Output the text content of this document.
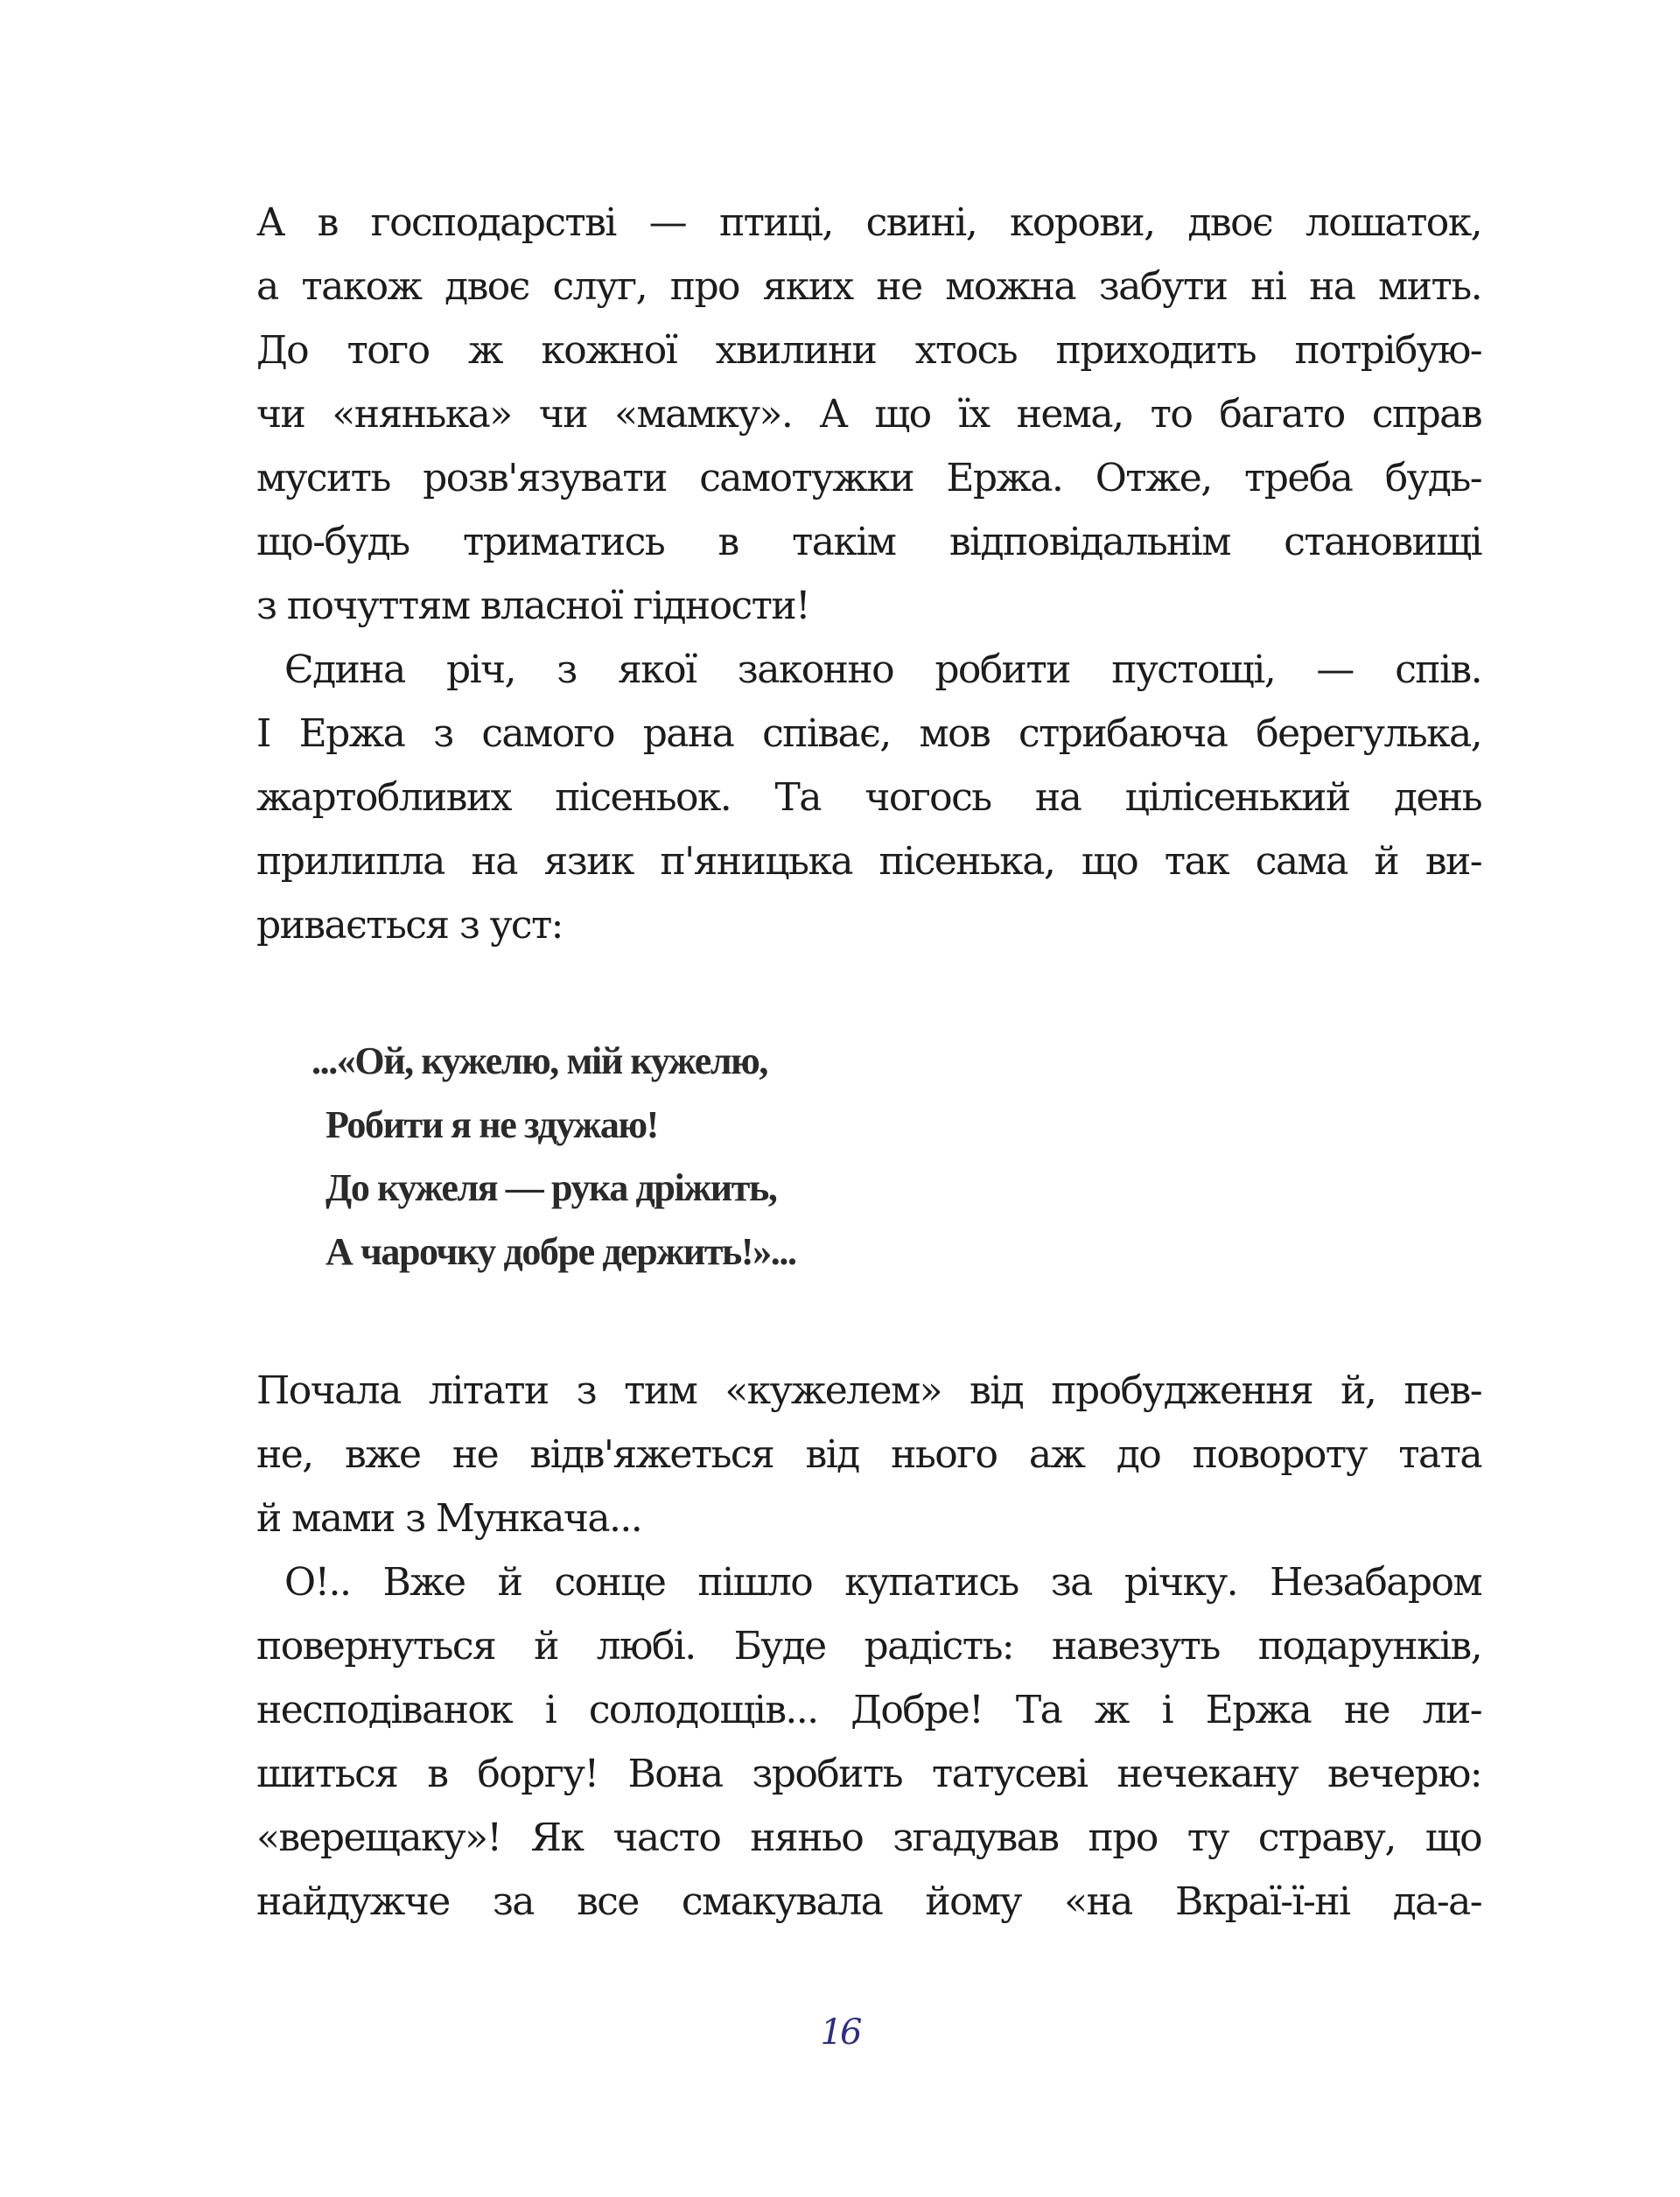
А в господарстві — птиці, свині, корови, двоє лошаток,
а також двоє слуг, про яких не можна забути ні на мить.
До того ж кожної хвилини хтось приходить потрібую-
чи «нянька» чи «мамку». А що їх нема, то багато справ
мусить розв'язувати самотужки Ержа. Отже, треба будь-
що-будь триматись в такім відповідальнім становищі
з почуттям власної гідности!
Єдина річ, з якої законно робити пустощі, — спів.
І Ержа з самого рана співає, мов стрибаюча берегулька,
жартобливих пісеньок. Та чогось на цілісенький день
прилипла на язик п'яницька пісенька, що так сама й ви-
ривається з уст:
...«Ой, кужелю, мій кужелю,
Робити я не здужаю!
До кужеля — рука дріжить,
А чарочку добре держить!»...
Почала літати з тим «кужелем» від пробудження й, пев-
не, вже не відв'яжеться від нього аж до повороту тата
й мами з Мункача...
О!.. Вже й сонце пішло купатись за річку. Незабаром
повернуться й любі. Буде радість: навезуть подарунків,
несподіванок і солодощів... Добре! Та ж і Ержа не ли-
шиться в боргу! Вона зробить татусеві нечекану вечерю:
«верещаку»! Як часто няньо згадував про ту страву, що
найдужче за все смакувала йому «на Вкраї-ї-ні да-а-
16
